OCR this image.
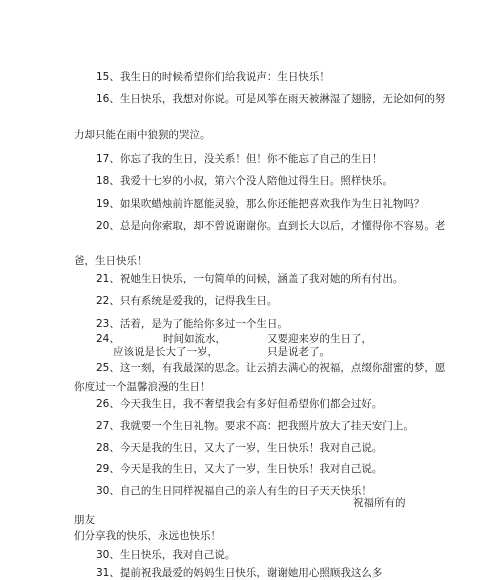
15、我生日的时候希望你们给我说声：生日快乐！
16、生日快乐，我想对你说。可是风筝在雨天被淋湿了翅膀，无论如何的努
力却只能在雨中狼狈的哭泣。
17、你忘了我的生日，没关系！但！你不能忘了自己的生日！
18、我爱十七岁的小叔，第六个没人陪他过得生日。照样快乐。
19、如果吹蜡烛前许愿能灵验，那么你还能把喜欢我作为生日礼物吗？
20、总是向你索取，却不曾说谢谢你。直到长大以后，才懂得你不容易。老
爸，生日快乐！
21、祝她生日快乐，一句简单的问候，涵盖了我对她的所有付出。
22、只有系统是爱我的，记得我生日。
23、活着，是为了能给你多过一个生日。
24、	时间如流水，	又要迎来岁的生日了，
应该说是长大了一岁，	只是说老了。
25、这一刻，有我最深的思念。让云捎去满心的祝福，点缀你甜蜜的梦，愿
你度过一个温馨浪漫的生日！
26、今天我生日，我不奢望我会有多好但希望你们都会过好。
27、我就要一个生日礼物。要求不高：把我照片放大了挂天安门上。
28、今天是我的生日，又大了一岁，生日快乐！我对自己说。
29、今天是我的生日，又大了一岁，生日快乐！我对自己说。
30、自己的生日同样祝福自己的亲人有生的日子天天快乐！
祝福所有的
朋友
们分享我的快乐，永远也快乐！
30、生日快乐，我对自己说。
31、提前祝我最爱的妈妈生日快乐，谢谢她用心照顾我这么多
